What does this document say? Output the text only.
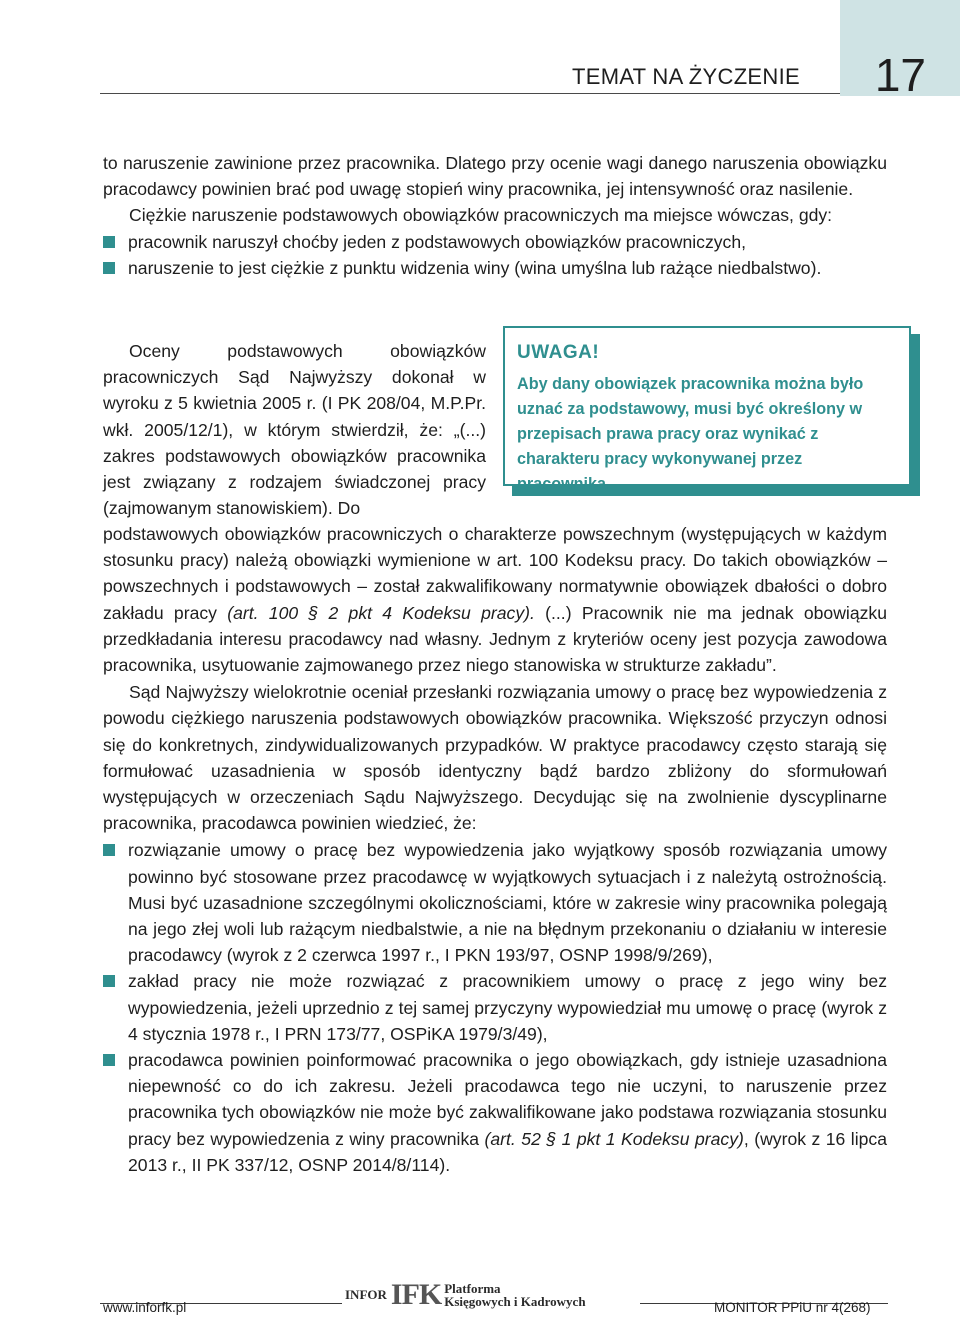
17
TEMAT NA ŻYCZENIE

to naruszenie zawinione przez pracownika. Dlatego przy ocenie wagi danego naruszenia obowiązku pracodawcy powinien brać pod uwagę stopień winy pracownika, jej intensywność oraz nasilenie.

Ciężkie naruszenie podstawowych obowiązków pracowniczych ma miejsce wówczas, gdy:

pracownik naruszył choćby jeden z podstawowych obowiązków pracowniczych,
naruszenie to jest ciężkie z punktu widzenia winy (wina umyślna lub rażące niedbalstwo).

Oceny podstawowych obowiązków pracowniczych Sąd Najwyższy dokonał w wyroku z 5 kwietnia 2005 r. (I PK 208/04, M.P.Pr. wkł. 2005/12/1), w którym stwierdził, że: „(...) zakres podstawowych obowiązków pracownika jest związany z rodzajem świadczonej pracy (zajmowanym stanowiskiem). Do

UWAGA!
Aby dany obowiązek pracownika można było uznać za podstawowy, musi być określony w przepisach prawa pracy oraz wynikać z charakteru pracy wykonywanej przez pracownika.

podstawowych obowiązków pracowniczych o charakterze powszechnym (występujących w każdym stosunku pracy) należą obowiązki wymienione w art. 100 Kodeksu pracy. Do takich obowiązków – powszechnych i podstawowych – został zakwalifikowany normatywnie obowiązek dbałości o dobro zakładu pracy (art. 100 § 2 pkt 4 Kodeksu pracy). (...) Pracownik nie ma jednak obowiązku przedkładania interesu pracodawcy nad własny. Jednym z kryteriów oceny jest pozycja zawodowa pracownika, usytuowanie zajmowanego przez niego stanowiska w strukturze zakładu”.

Sąd Najwyższy wielokrotnie oceniał przesłanki rozwiązania umowy o pracę bez wypowiedzenia z powodu ciężkiego naruszenia podstawowych obowiązków pracownika. Większość przyczyn odnosi się do konkretnych, zindywidualizowanych przypadków. W praktyce pracodawcy często starają się formułować uzasadnienia w sposób identyczny bądź bardzo zbliżony do sformułowań występujących w orzeczeniach Sądu Najwyższego. Decydując się na zwolnienie dyscyplinarne pracownika, pracodawca powinien wiedzieć, że:

rozwiązanie umowy o pracę bez wypowiedzenia jako wyjątkowy sposób rozwiązania umowy powinno być stosowane przez pracodawcę w wyjątkowych sytuacjach i z należytą ostrożnością. Musi być uzasadnione szczególnymi okolicznościami, które w zakresie winy pracownika polegają na jego złej woli lub rażącym niedbalstwie, a nie na błędnym przekonaniu o działaniu w interesie pracodawcy (wyrok z 2 czerwca 1997 r., I PKN 193/97, OSNP 1998/9/269),
zakład pracy nie może rozwiązać z pracownikiem umowy o pracę z jego winy bez wypowiedzenia, jeżeli uprzednio z tej samej przyczyny wypowiedział mu umowę o pracę (wyrok z 4 stycznia 1978 r., I PRN 173/77, OSPiKA 1979/3/49),
pracodawca powinien poinformować pracownika o jego obowiązkach, gdy istnieje uzasadniona niepewność co do ich zakresu. Jeżeli pracodawca tego nie uczyni, to naruszenie przez pracownika tych obowiązków nie może być zakwalifikowane jako podstawa rozwiązania stosunku pracy bez wypowiedzenia z winy pracownika (art. 52 § 1 pkt 1 Kodeksu pracy), (wyrok z 16 lipca 2013 r., II PK 337/12, OSNP 2014/8/114).
INFOR IFK Platforma
Księgowych i Kadrowych
www.inforfk.pl	MONITOR PPiU nr 4(268)
